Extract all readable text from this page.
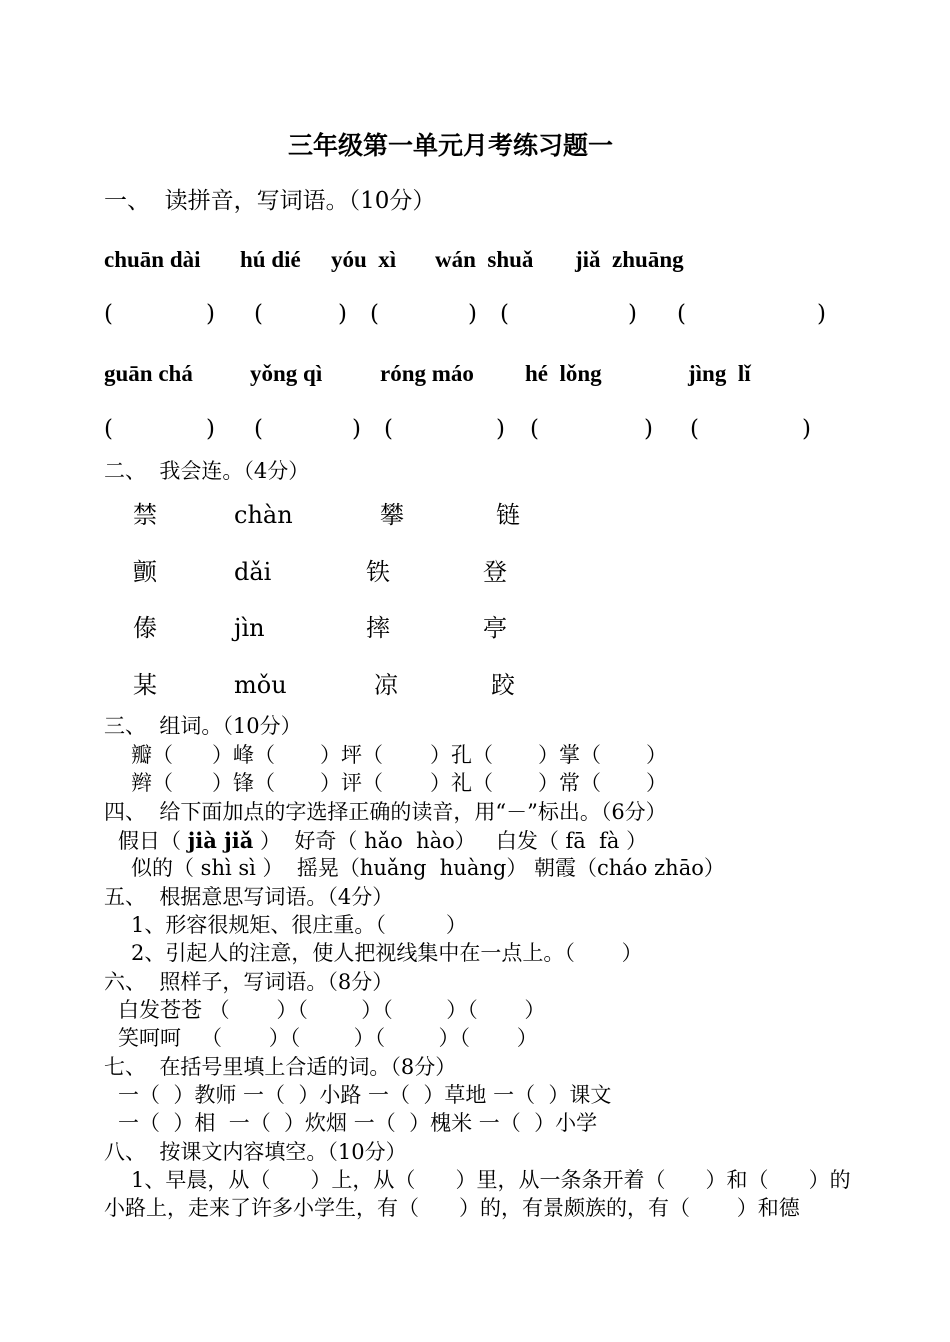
三年级第一单元月考练习题一
一、  读拼音，写词语。（10分）
chuān dài hú dié yóu  xì wán  shuǎ jiǎ  zhuāng
(	) (	) (	) (	) (	)
guān chá yǒng qì	róng máo hé  lǒng	jìng  lǐ
(	) (	) (	) (	) (	)
二、  我会连。（4分）
禁	chàn	攀	链
颤	dǎi	铁	登
傣	jìn	摔	亭
某	mǒu	凉	跤
三、  组词。（10分）
瓣（ ）峰（ ）坪（ ）孔（ ）掌（ ）
辫（ ）锋（ ）评（ ）礼（ ）常（ ）
四、  给下面加点的字选择正确的读音，用“－”标出。（6分）
假日（ jià jiǎ ）  好奇（ hǎo  hào）   白发（ fā  fà ）
似的（ shì sì ）  摇晃（huǎng  huàng） 朝霞（cháo zhāo）
五、  根据意思写词语。（4分）
1、形容很规矩、很庄重。（         ）
2、引起人的注意，使人把视线集中在一点上。（       ）
六、  照样子，写词语。（8分）
白发苍苍 （       ）（        ）（        ）（       ）
笑呵呵   （       ）（        ）（        ）（       ）
七、  在括号里填上合适的词。（8分）
一（  ）教师 一（  ）小路 一（  ）草地 一（  ）课文
一（  ）相  一（  ）炊烟 一（  ）槐米 一（  ）小学
八、  按课文内容填空。（10分）
1、早晨，从（      ）上，从（      ）里，从一条条开着（      ）和（      ）的
小路上，走来了许多小学生，有（      ）的，有景颇族的，有（       ）和德
